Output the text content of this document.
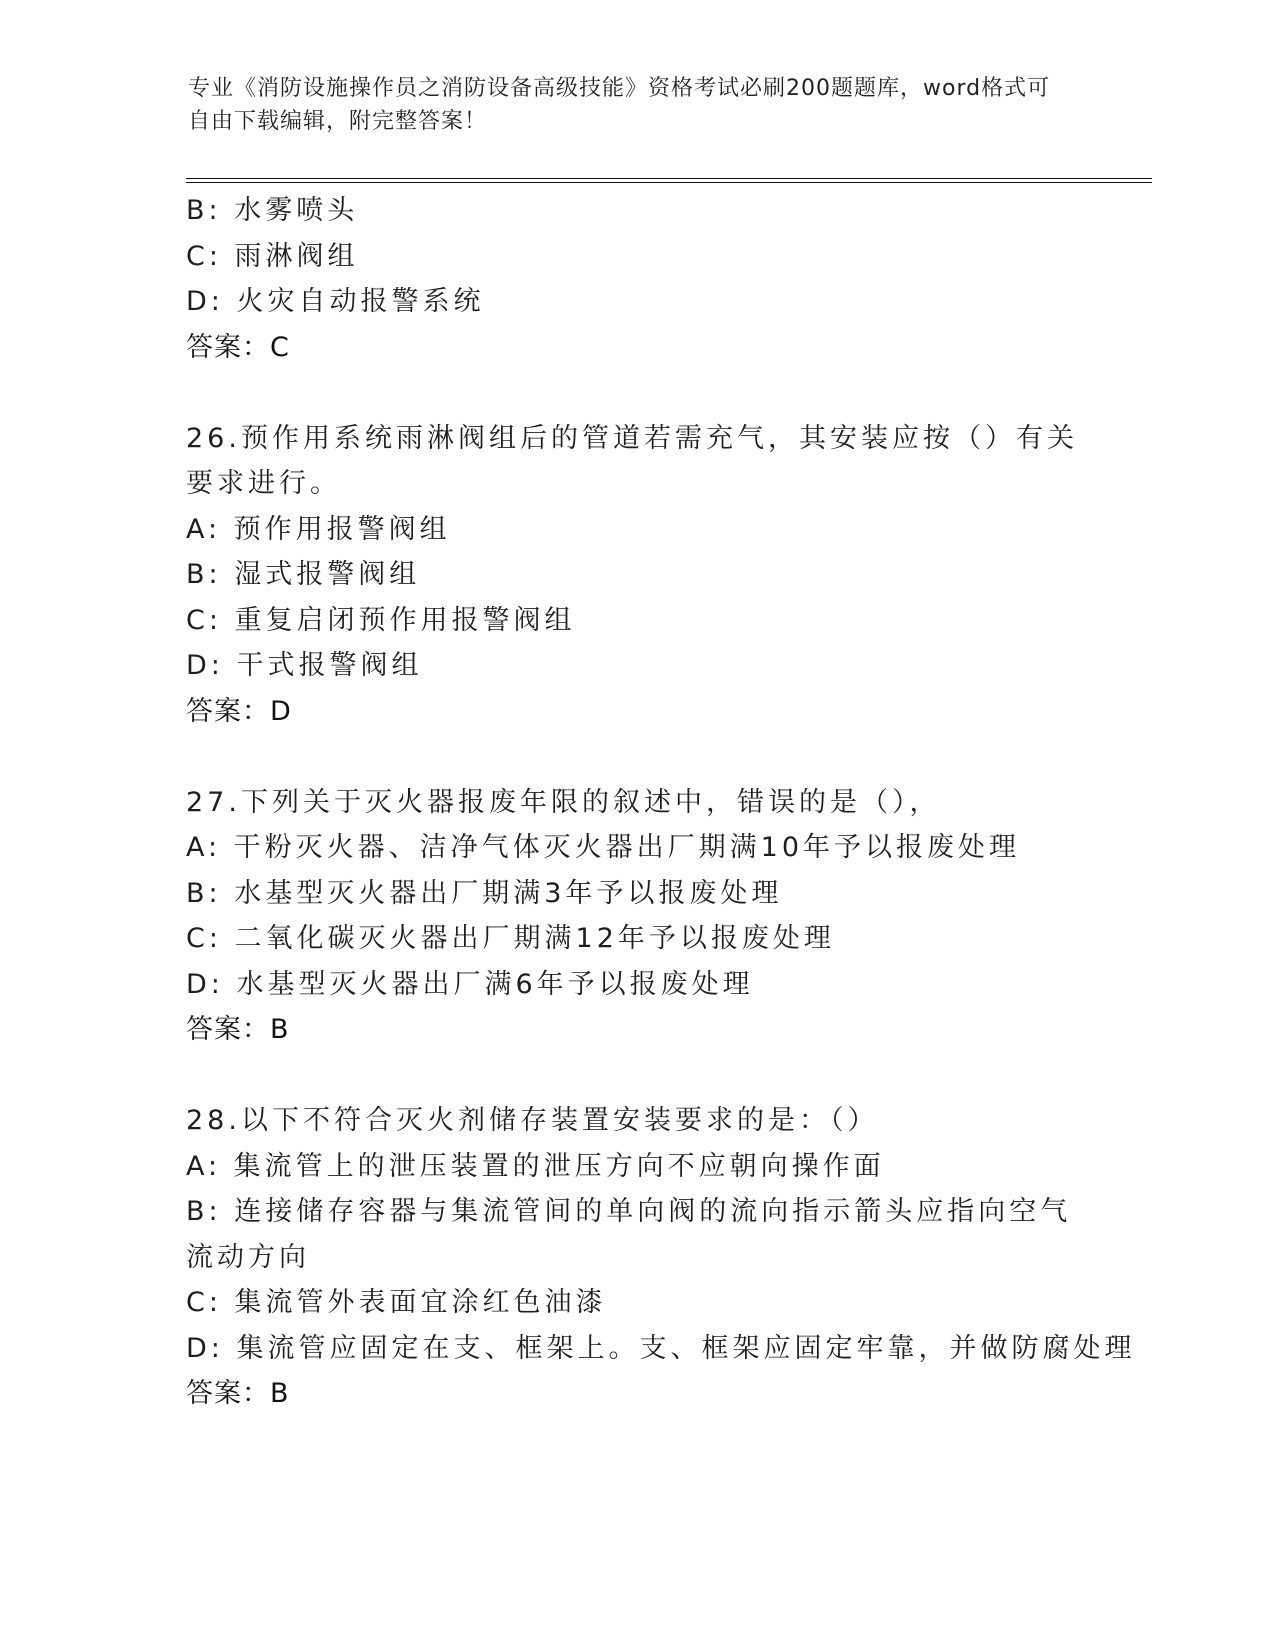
专业《消防设施操作员之消防设备高级技能》资格考试必刷200题题库，word格式可自由下载编辑，附完整答案！
B: 水雾喷头
C: 雨淋阀组
D: 火灾自动报警系统
答案：C
26.预作用系统雨淋阀组后的管道若需充气，其安装应按（）有关要求进行。
A: 预作用报警阀组
B: 湿式报警阀组
C: 重复启闭预作用报警阀组
D: 干式报警阀组
答案：D
27.下列关于灭火器报废年限的叙述中，错误的是（），
A: 干粉灭火器、洁净气体灭火器出厂期满10年予以报废处理
B: 水基型灭火器出厂期满3年予以报废处理
C: 二氧化碳灭火器出厂期满12年予以报废处理
D: 水基型灭火器出厂满6年予以报废处理
答案：B
28.以下不符合灭火剂储存装置安装要求的是：（）
A: 集流管上的泄压装置的泄压方向不应朝向操作面
B: 连接储存容器与集流管间的单向阀的流向指示箭头应指向空气流动方向
C: 集流管外表面宜涂红色油漆
D: 集流管应固定在支、框架上。支、框架应固定牢靠，并做防腐处理
答案：B
